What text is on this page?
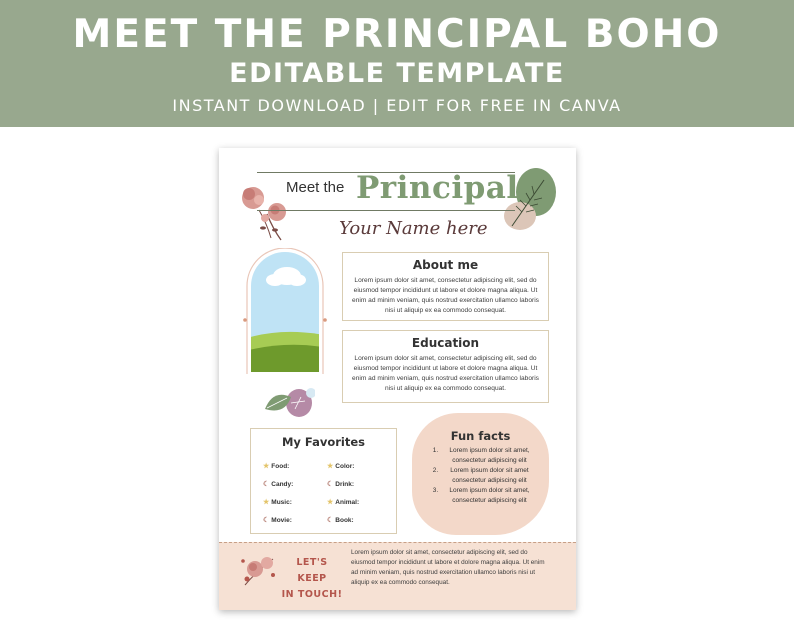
MEET THE PRINCIPAL BOHO
EDITABLE TEMPLATE
INSTANT DOWNLOAD | EDIT FOR FREE IN CANVA
Meet the Principal
Your Name here
About me

Lorem ipsum dolor sit amet, consectetur adipiscing elit, sed do eiusmod tempor incididunt ut labore et dolore magna aliqua. Ut enim ad minim veniam, quis nostrud exercitation ullamco laboris nisi ut aliquip ex ea commodo consequat.

Education

Lorem ipsum dolor sit amet, consectetur adipiscing elit, sed do eiusmod tempor incididunt ut labore et dolore magna aliqua. Ut enim ad minim veniam, quis nostrud exercitation ullamco laboris nisi ut aliquip ex ea commodo consequat.

My Favorites
★ Food:	★ Color:
☾ Candy:	☾ Drink:
★ Music:	★ Animal:
☾ Movie:	☾ Book:
Fun facts
1. Lorem ipsum dolor sit amet, consectetur adipiscing elit
2. Lorem ipsum dolor sit amet consectetur adipiscing elit
3. Lorem ipsum dolor sit amet, consectetur adipiscing elit
LET'S KEEP
IN TOUCH!

Lorem ipsum dolor sit amet, consectetur adipiscing elit, sed do eiusmod tempor incididunt ut labore et dolore magna aliqua. Ut enim ad minim veniam, quis nostrud exercitation ullamco laboris nisi ut aliquip ex ea commodo consequat.
